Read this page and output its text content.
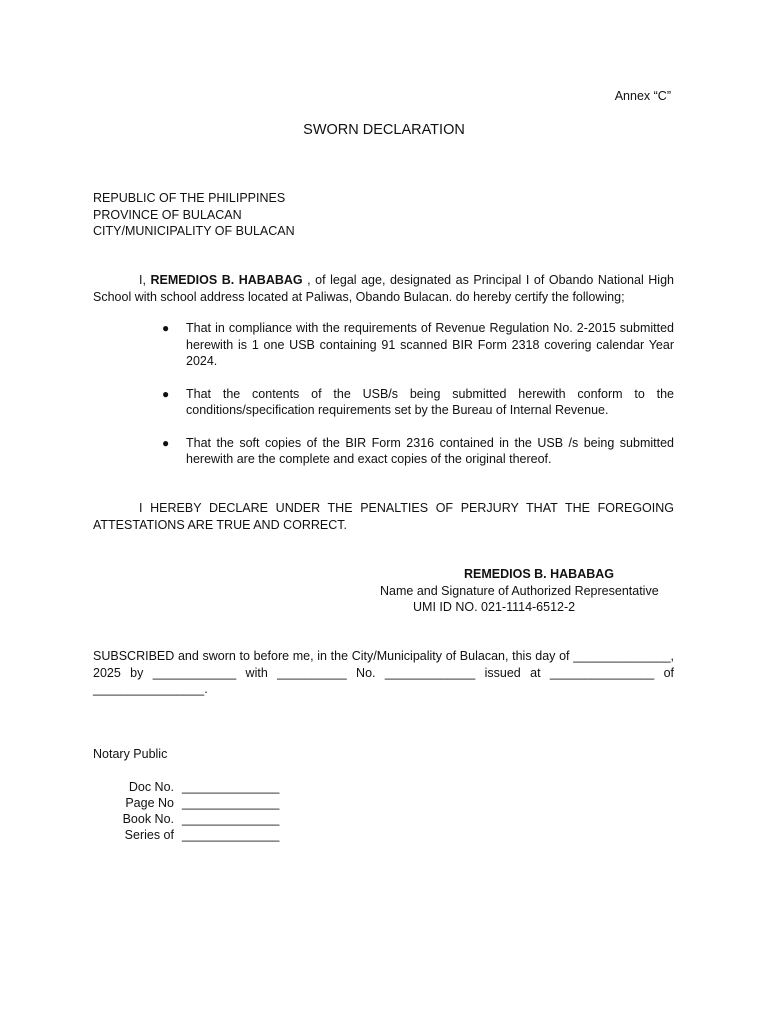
Annex “C”
SWORN DECLARATION
REPUBLIC OF THE PHILIPPINES
PROVINCE OF BULACAN
CITY/MUNICIPALITY OF BULACAN
I, REMEDIOS B. HABABAG , of legal age, designated as Principal I of Obando National High School with school address located at Paliwas, Obando Bulacan. do hereby certify the following;
● That in compliance with the requirements of Revenue Regulation No. 2-2015 submitted herewith is 1 one USB containing 91 scanned BIR Form 2318 covering calendar Year 2024.
● That the contents of the USB/s being submitted herewith conform to the conditions/specification requirements set by the Bureau of Internal Revenue.
● That the soft copies of the BIR Form 2316 contained in the USB /s being submitted herewith are the complete and exact copies of the original thereof.
I HEREBY DECLARE UNDER THE PENALTIES OF PERJURY THAT THE FOREGOING ATTESTATIONS ARE TRUE AND CORRECT.
REMEDIOS B. HABABAG
Name and Signature of Authorized Representative
UMI ID NO. 021-1114-6512-2
SUBSCRIBED and sworn to before me, in the City/Municipality of Bulacan, this day of ______________, 2025 by ____________ with __________ No. _____________ issued at _______________ of ________________.
Notary Public
Doc No. ______________
Page No ______________
Book No. ______________
Series of ______________
